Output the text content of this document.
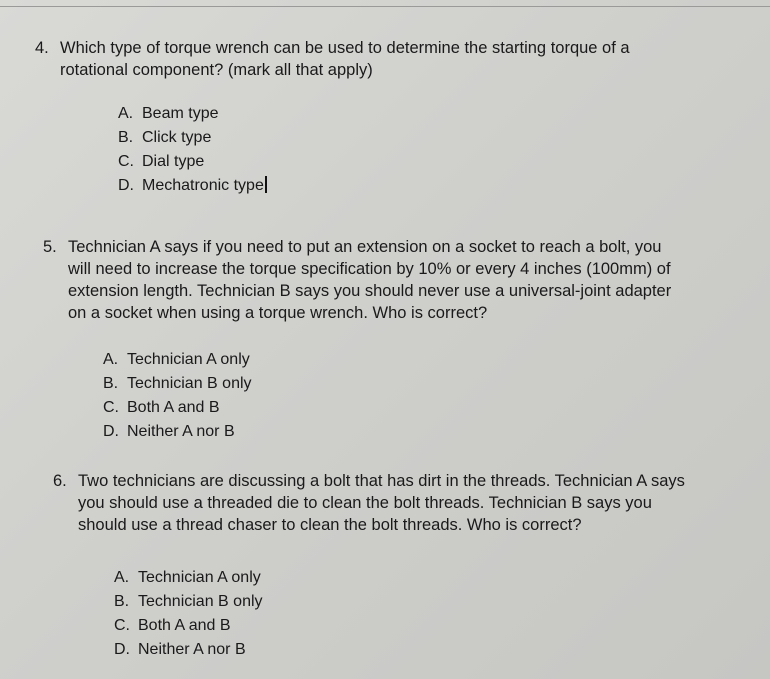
4. Which type of torque wrench can be used to determine the starting torque of a
rotational component? (mark all that apply)
A. Beam type
B. Click type
C. Dial type
D. Mechatronic type
5. Technician A says if you need to put an extension on a socket to reach a bolt, you
will need to increase the torque specification by 10% or every 4 inches (100mm) of
extension length. Technician B says you should never use a universal-joint adapter
on a socket when using a torque wrench. Who is correct?
A. Technician A only
B. Technician B only
C. Both A and B
D. Neither A nor B
6. Two technicians are discussing a bolt that has dirt in the threads. Technician A says
you should use a threaded die to clean the bolt threads. Technician B says you
should use a thread chaser to clean the bolt threads. Who is correct?
A. Technician A only
B. Technician B only
C. Both A and B
D. Neither A nor B
